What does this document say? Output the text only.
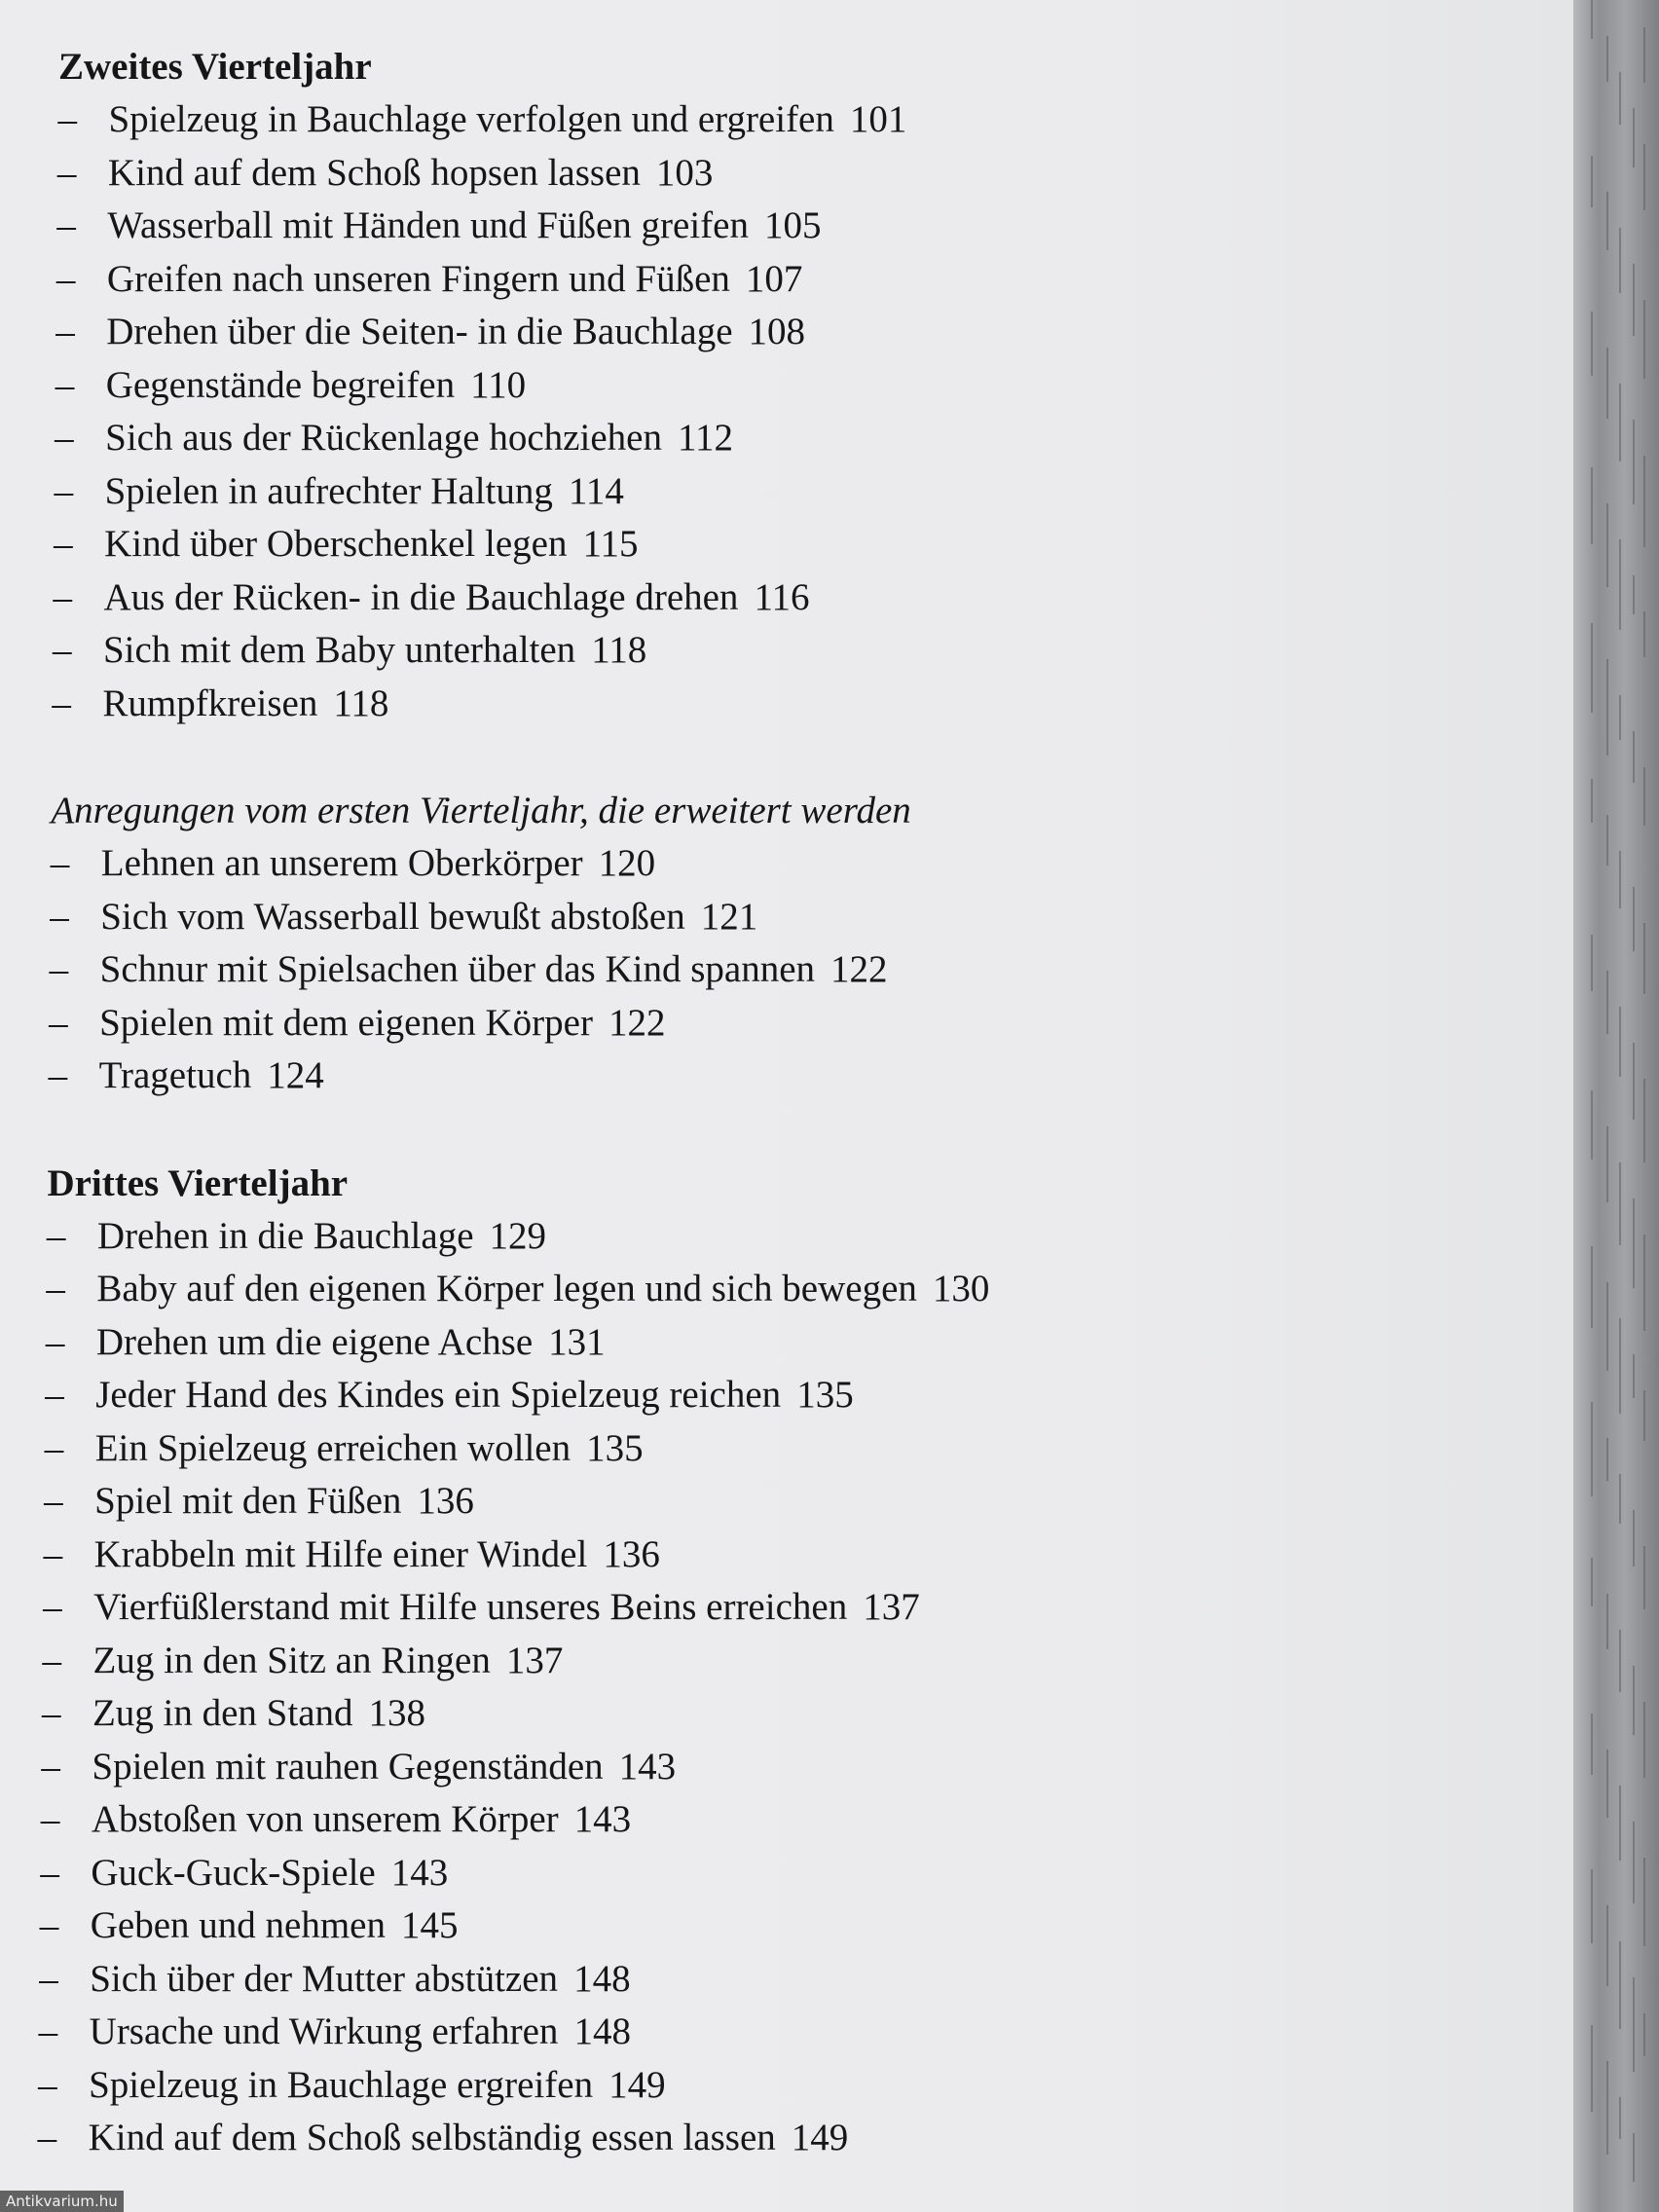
Zweites Vierteljahr
– Spielzeug in Bauchlage verfolgen und ergreifen 101
– Kind auf dem Schoß hopsen lassen 103
– Wasserball mit Händen und Füßen greifen 105
– Greifen nach unseren Fingern und Füßen 107
– Drehen über die Seiten- in die Bauchlage 108
– Gegenstände begreifen 110
– Sich aus der Rückenlage hochziehen 112
– Spielen in aufrechter Haltung 114
– Kind über Oberschenkel legen 115
– Aus der Rücken- in die Bauchlage drehen 116
– Sich mit dem Baby unterhalten 118
– Rumpfkreisen 118
Anregungen vom ersten Vierteljahr, die erweitert werden
– Lehnen an unserem Oberkörper 120
– Sich vom Wasserball bewußt abstoßen 121
– Schnur mit Spielsachen über das Kind spannen 122
– Spielen mit dem eigenen Körper 122
– Tragetuch 124
Drittes Vierteljahr
– Drehen in die Bauchlage 129
– Baby auf den eigenen Körper legen und sich bewegen 130
– Drehen um die eigene Achse 131
– Jeder Hand des Kindes ein Spielzeug reichen 135
– Ein Spielzeug erreichen wollen 135
– Spiel mit den Füßen 136
– Krabbeln mit Hilfe einer Windel 136
– Vierfüßlerstand mit Hilfe unseres Beins erreichen 137
– Zug in den Sitz an Ringen 137
– Zug in den Stand 138
– Spielen mit rauhen Gegenständen 143
– Abstoßen von unserem Körper 143
– Guck-Guck-Spiele 143
– Geben und nehmen 145
– Sich über der Mutter abstützen 148
– Ursache und Wirkung erfahren 148
– Spielzeug in Bauchlage ergreifen 149
– Kind auf dem Schoß selbständig essen lassen 149
Antikvarium.hu
